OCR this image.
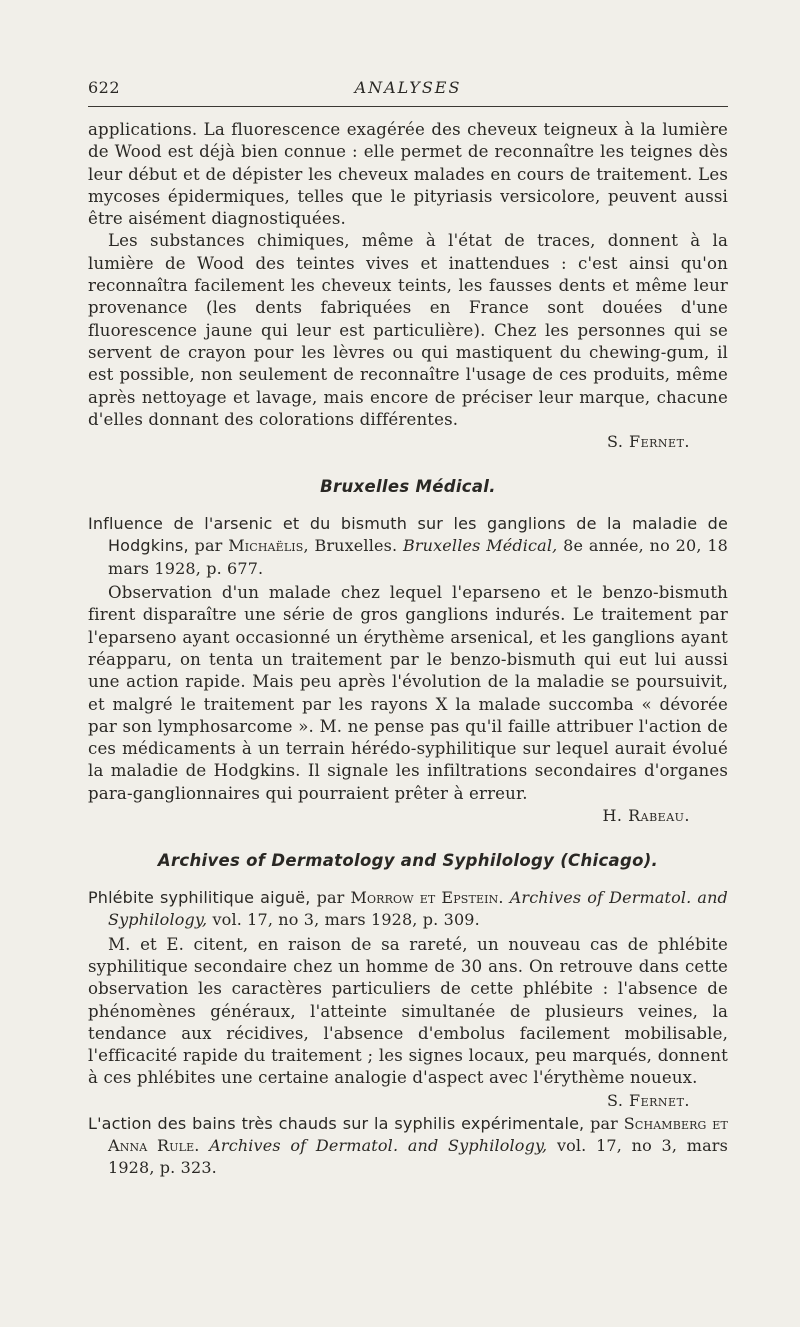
622	ANALYSES

applications. La fluorescence exagérée des cheveux teigneux à la lumière de Wood est déjà bien connue : elle permet de reconnaître les teignes dès leur début et de dépister les cheveux malades en cours de traitement. Les mycoses épidermiques, telles que le pityriasis versicolore, peuvent aussi être aisément diagnostiquées.

Les substances chimiques, même à l'état de traces, donnent à la lumière de Wood des teintes vives et inattendues : c'est ainsi qu'on reconnaîtra facilement les cheveux teints, les fausses dents et même leur provenance (les dents fabriquées en France sont douées d'une fluorescence jaune qui leur est particulière). Chez les personnes qui se servent de crayon pour les lèvres ou qui mastiquent du chewing-gum, il est possible, non seulement de reconnaître l'usage de ces produits, même après nettoyage et lavage, mais encore de préciser leur marque, chacune d'elles donnant des colorations différentes.

S. Fernet.

Bruxelles Médical.

Influence de l'arsenic et du bismuth sur les ganglions de la maladie de Hodgkins, par Michaëlis, Bruxelles. Bruxelles Médical, 8e année, no 20, 18 mars 1928, p. 677.

Observation d'un malade chez lequel l'eparseno et le benzo-bismuth firent disparaître une série de gros ganglions indurés. Le traitement par l'eparseno ayant occasionné un érythème arsenical, et les ganglions ayant réapparu, on tenta un traitement par le benzo-bismuth qui eut lui aussi une action rapide. Mais peu après l'évolution de la maladie se poursuivit, et malgré le traitement par les rayons X la malade succomba « dévorée par son lymphosarcome ». M. ne pense pas qu'il faille attribuer l'action de ces médicaments à un terrain hérédo-syphilitique sur lequel aurait évolué la maladie de Hodgkins. Il signale les infiltrations secondaires d'organes para-ganglionnaires qui pourraient prêter à erreur.

H. Rabeau.

Archives of Dermatology and Syphilology (Chicago).

Phlébite syphilitique aiguë, par Morrow et Epstein. Archives of Dermatol. and Syphilology, vol. 17, no 3, mars 1928, p. 309.

M. et E. citent, en raison de sa rareté, un nouveau cas de phlébite syphilitique secondaire chez un homme de 30 ans. On retrouve dans cette observation les caractères particuliers de cette phlébite : l'absence de phénomènes généraux, l'atteinte simultanée de plusieurs veines, la tendance aux récidives, l'absence d'embolus facilement mobilisable, l'efficacité rapide du traitement ; les signes locaux, peu marqués, donnent à ces phlébites une certaine analogie d'aspect avec l'érythème noueux.

S. Fernet.

L'action des bains très chauds sur la syphilis expérimentale, par Schamberg et Anna Rule. Archives of Dermatol. and Syphilology, vol. 17, no 3, mars 1928, p. 323.
